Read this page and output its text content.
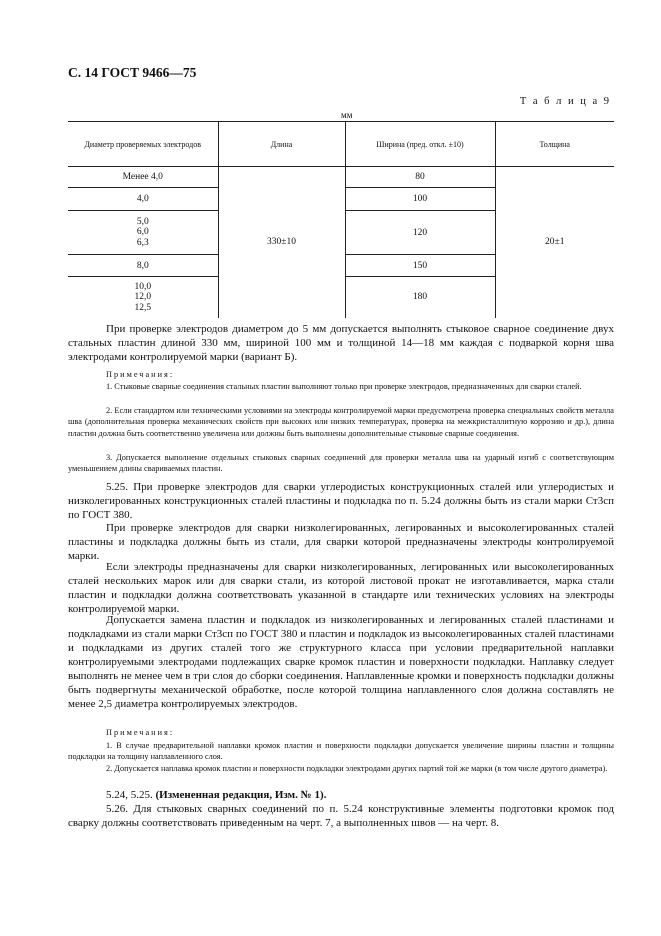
С. 14 ГОСТ 9466—75
Т а б л и ц а 9
мм
Диаметр проверяемых электродов	Длина	Ширина (пред. откл. ±10)	Толщина
Менее 4,0	330±10	80	20±1
4,0		100	

5,0
6,0
6,3		120	
8,0		150	

10,0
12,0
12,5		180	

При проверке электродов диаметром до 5 мм допускается выполнять стыковое сварное соединение двух стальных пластин длиной 330 мм, шириной 100 мм и толщиной 14—18 мм каждая с подваркой корня шва электродами контролируемой марки (вариант Б).

Примечания:

1. Стыковые сварные соединения стальных пластин выполняют только при проверке электродов, предназначенных для сварки сталей.

2. Если стандартом или техническими условиями на электроды контролируемой марки предусмотрена проверка специальных свойств металла шва (дополнительная проверка механических свойств при высоких или низких температурах, проверка на межкристаллитную коррозию и др.), длина пластин должна быть соответственно увеличена или должны быть выполнены дополнительные стыковые сварные соединения.

3. Допускается выполнение отдельных стыковых сварных соединений для проверки металла шва на ударный изгиб с соответствующим уменьшением длины свариваемых пластин.

5.25. При проверке электродов для сварки углеродистых конструкционных сталей или углеродистых и низколегированных конструкционных сталей пластины и подкладка по п. 5.24 должны быть из стали марки Ст3сп по ГОСТ 380.

При проверке электродов для сварки низколегированных, легированных и высоколегированных сталей пластины и подкладка должны быть из стали, для сварки которой предназначены электроды контролируемой марки.

Если электроды предназначены для сварки низколегированных, легированных или высоколегированных сталей нескольких марок или для сварки стали, из которой листовой прокат не изготавливается, марка стали пластин и подкладки должна соответствовать указанной в стандарте или технических условиях на электроды контролируемой марки.

Допускается замена пластин и подкладок из низколегированных и легированных сталей пластинами и подкладками из стали марки Ст3сп по ГОСТ 380 и пластин и подкладок из высоколегированных сталей пластинами и подкладками из других сталей того же структурного класса при условии предварительной наплавки контролируемыми электродами подлежащих сварке кромок пластин и поверхности подкладки. Наплавку следует выполнять не менее чем в три слоя до сборки соединения. Наплавленные кромки и поверхность подкладки должны быть подвергнуты механической обработке, после которой толщина наплавленного слоя должна составлять не менее 2,5 диаметра контролируемых электродов.

Примечания:

1. В случае предварительной наплавки кромок пластин и поверхности подкладки допускается увеличение ширины пластин и толщины подкладки на толщину наплавленного слоя.

2. Допускается наплавка кромок пластин и поверхности подкладки электродами других партий той же марки (в том числе другого диаметра).

5.24, 5.25. (Измененная редакция, Изм. № 1).

5.26. Для стыковых сварных соединений по п. 5.24 конструктивные элементы подготовки кромок под сварку должны соответствовать приведенным на черт. 7, а выполненных швов — на черт. 8.
